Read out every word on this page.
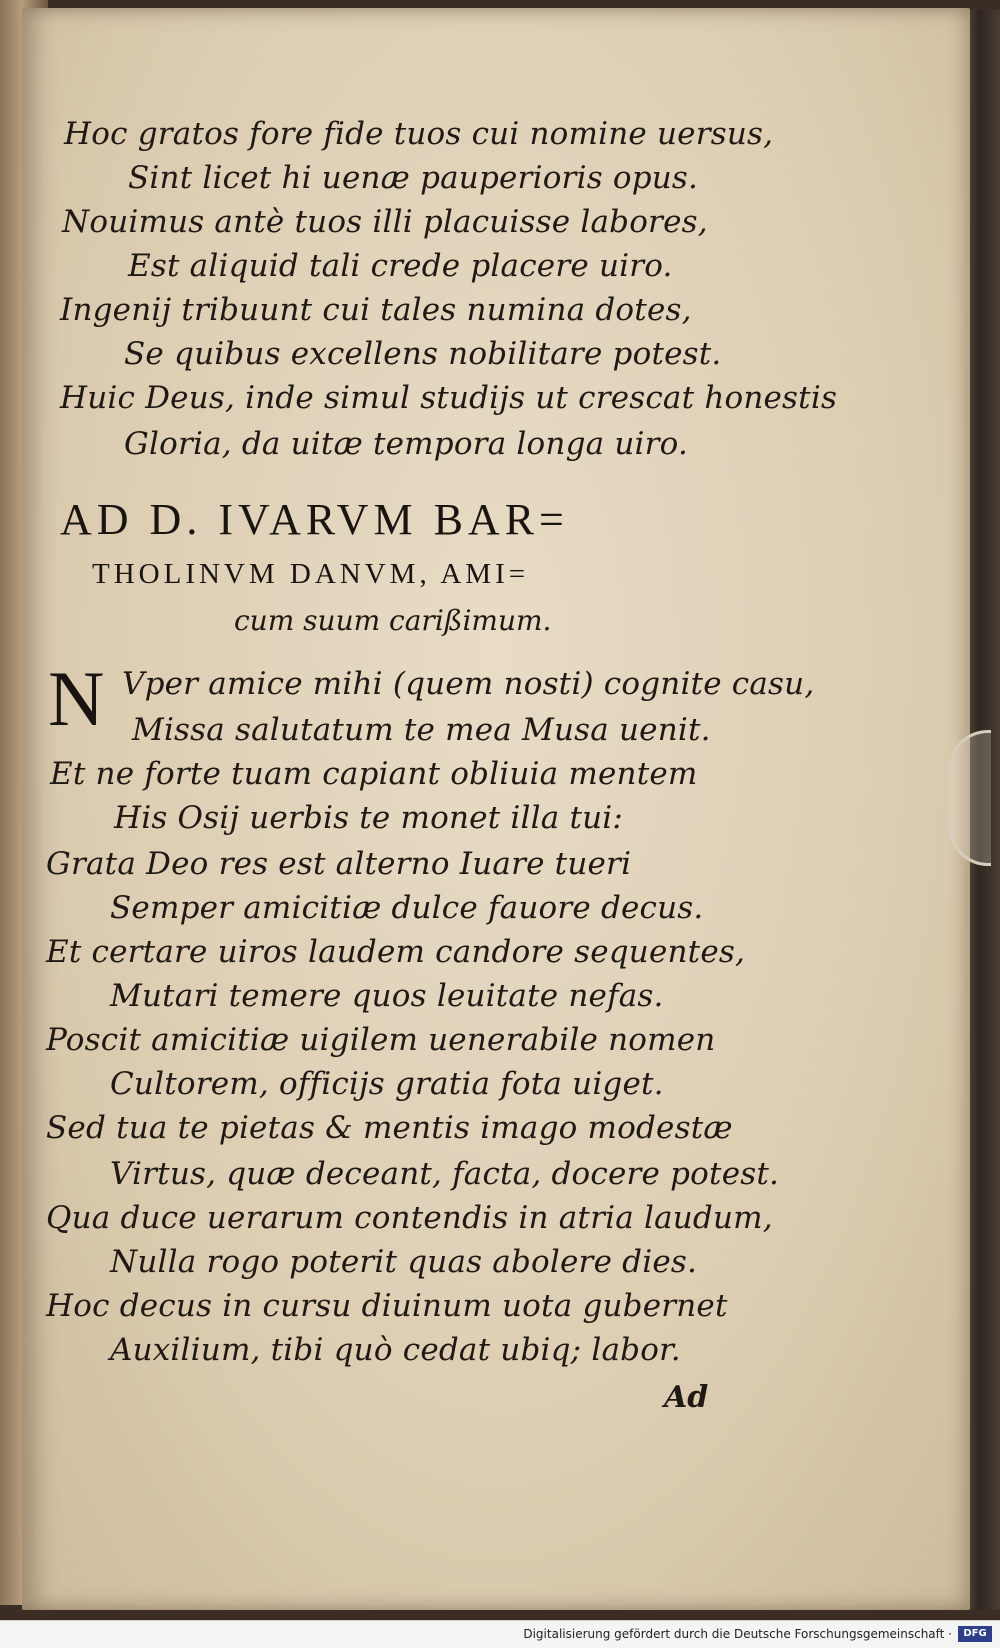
Hoc gratos fore fide tuos cui nomine uersus,
Sint licet hi uenæ pauperioris opus.
Nouimus antè tuos illi placuisse labores,
Est aliquid tali crede placere uiro.
Ingenij tribuunt cui tales numina dotes,
Se quibus excellens nobilitare potest.
Huic Deus, inde simul studijs ut crescat honestis
Gloria, da uitæ tempora longa uiro.
AD D. IVARVM BAR=
THOLINVM DANVM, AMI=
cum suum carißimum.
N Vper amice mihi (quem nosti) cognite casu,
Missa salutatum te mea Musa uenit.
Et ne forte tuam capiant obliuia mentem
His Osij uerbis te monet illa tui:
Grata Deo res est alterno Iuare tueri
Semper amicitiæ dulce fauore decus.
Et certare uiros laudem candore sequentes,
Mutari temere quos leuitate nefas.
Poscit amicitiæ uigilem uenerabile nomen
Cultorem, officijs gratia fota uiget.
Sed tua te pietas & mentis imago modestæ
Virtus, quæ deceant, facta, docere potest.
Qua duce uerarum contendis in atria laudum,
Nulla rogo poterit quas abolere dies.
Hoc decus in cursu diuinum uota gubernet
Auxilium, tibi quò cedat ubiq; labor.
Ad
Digitalisierung gefördert durch die Deutsche Forschungsgemeinschaft ·	DFG
